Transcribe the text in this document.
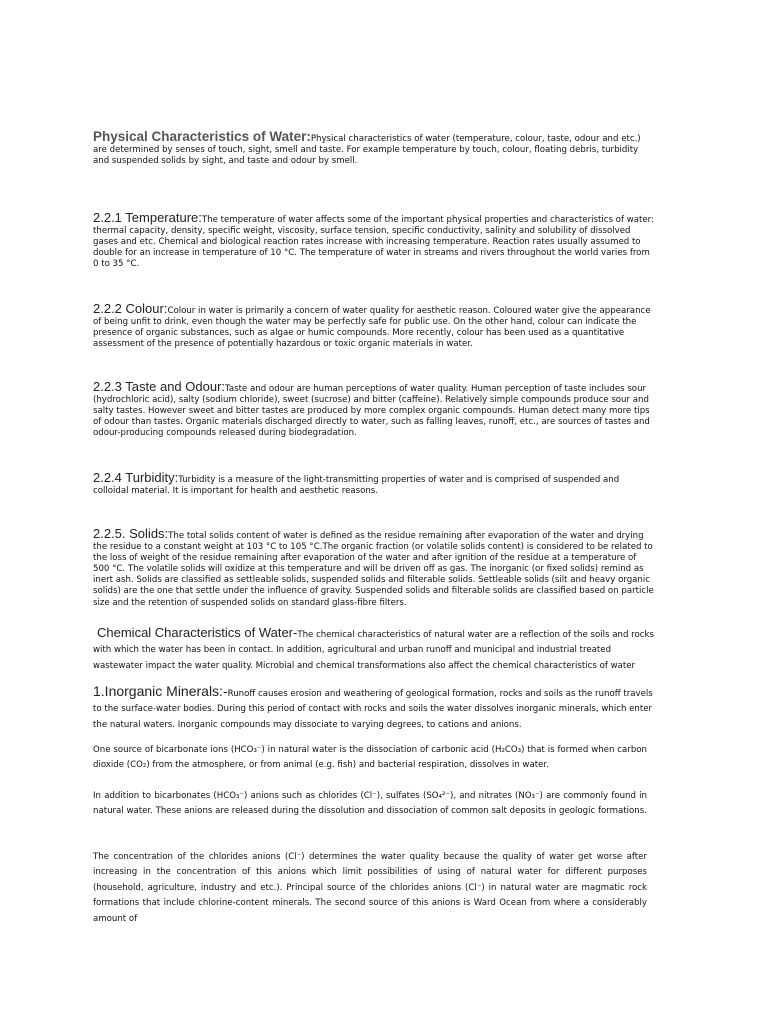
Physical Characteristics of Water:Physical characteristics of water (temperature, colour, taste, odour and etc.) are determined by senses of touch, sight, smell and taste. For example temperature by touch, colour, floating debris, turbidity and suspended solids by sight, and taste and odour by smell.
2.2.1 Temperature:The temperature of water affects some of the important physical properties and characteristics of water: thermal capacity, density, specific weight, viscosity, surface tension, specific conductivity, salinity and solubility of dissolved gases and etc. Chemical and biological reaction rates increase with increasing temperature. Reaction rates usually assumed to double for an increase in temperature of 10 °C. The temperature of water in streams and rivers throughout the world varies from 0 to 35 °C.
2.2.2 Colour:Colour in water is primarily a concern of water quality for aesthetic reason. Coloured water give the appearance of being unfit to drink, even though the water may be perfectly safe for public use. On the other hand, colour can indicate the presence of organic substances, such as algae or humic compounds. More recently, colour has been used as a quantitative assessment of the presence of potentially hazardous or toxic organic materials in water.
2.2.3 Taste and Odour:Taste and odour are human perceptions of water quality. Human perception of taste includes sour (hydrochloric acid), salty (sodium chloride), sweet (sucrose) and bitter (caffeine). Relatively simple compounds produce sour and salty tastes. However sweet and bitter tastes are produced by more complex organic compounds. Human detect many more tips of odour than tastes. Organic materials discharged directly to water, such as falling leaves, runoff, etc., are sources of tastes and odour-producing compounds released during biodegradation.
2.2.4 Turbidity:Turbidity is a measure of the light-transmitting properties of water and is comprised of suspended and colloidal material. It is important for health and aesthetic reasons.
2.2.5. Solids:The total solids content of water is defined as the residue remaining after evaporation of the water and drying the residue to a constant weight at 103 °C to 105 °C.The organic fraction (or volatile solids content) is considered to be related to the loss of weight of the residue remaining after evaporation of the water and after ignition of the residue at a temperature of 500 °C. The volatile solids will oxidize at this temperature and will be driven off as gas. The inorganic (or fixed solids) remind as inert ash. Solids are classified as settleable solids, suspended solids and filterable solids. Settleable solids (silt and heavy organic solids) are the one that settle under the influence of gravity. Suspended solids and filterable solids are classified based on particle size and the retention of suspended solids on standard glass-fibre filters.
Chemical Characteristics of Water-The chemical characteristics of natural water are a reflection of the soils and rocks with which the water has been in contact. In addition, agricultural and urban runoff and municipal and industrial treated wastewater impact the water quality. Microbial and chemical transformations also affect the chemical characteristics of water
1.Inorganic Minerals:-Runoff causes erosion and weathering of geological formation, rocks and soils as the runoff travels to the surface-water bodies. During this period of contact with rocks and soils the water dissolves inorganic minerals, which enter the natural waters. Inorganic compounds may dissociate to varying degrees, to cations and anions.
One source of bicarbonate ions (HCO₃⁻) in natural water is the dissociation of carbonic acid (H₂CO₃) that is formed when carbon dioxide (CO₂) from the atmosphere, or from animal (e.g. fish) and bacterial respiration, dissolves in water.
In addition to bicarbonates (HCO₃⁻) anions such as chlorides (Cl⁻), sulfates (SO₄²⁻), and nitrates (NO₃⁻) are commonly found in natural water. These anions are released during the dissolution and dissociation of common salt deposits in geologic formations.
The concentration of the chlorides anions (Cl⁻) determines the water quality because the quality of water get worse after increasing in the concentration of this anions which limit possibilities of using of natural water for different purposes (household, agriculture, industry and etc.). Principal source of the chlorides anions (Cl⁻) in natural water are magmatic rock formations that include chlorine-content minerals. The second source of this anions is Ward Ocean from where a considerably amount of
